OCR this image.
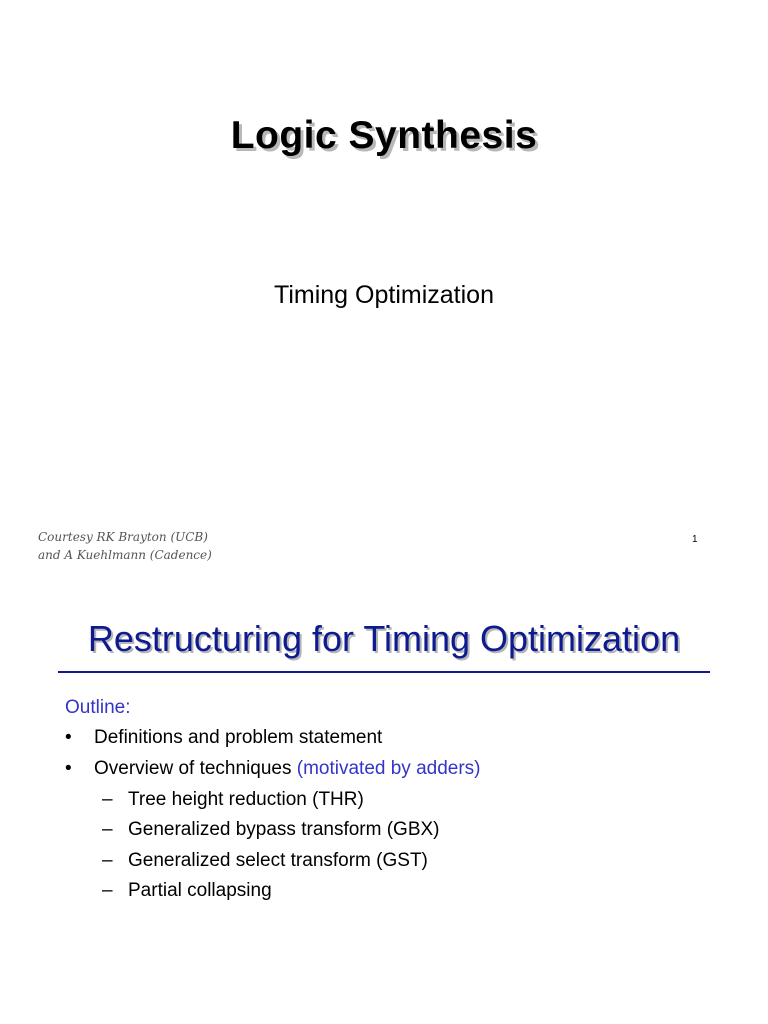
Logic Synthesis
Timing Optimization
Courtesy RK Brayton (UCB)
and A Kuehlmann (Cadence)
1
Restructuring for Timing Optimization
Outline:
• Definitions and problem statement
• Overview of techniques (motivated by adders)
– Tree height reduction (THR)
– Generalized bypass transform (GBX)
– Generalized select transform (GST)
– Partial collapsing
